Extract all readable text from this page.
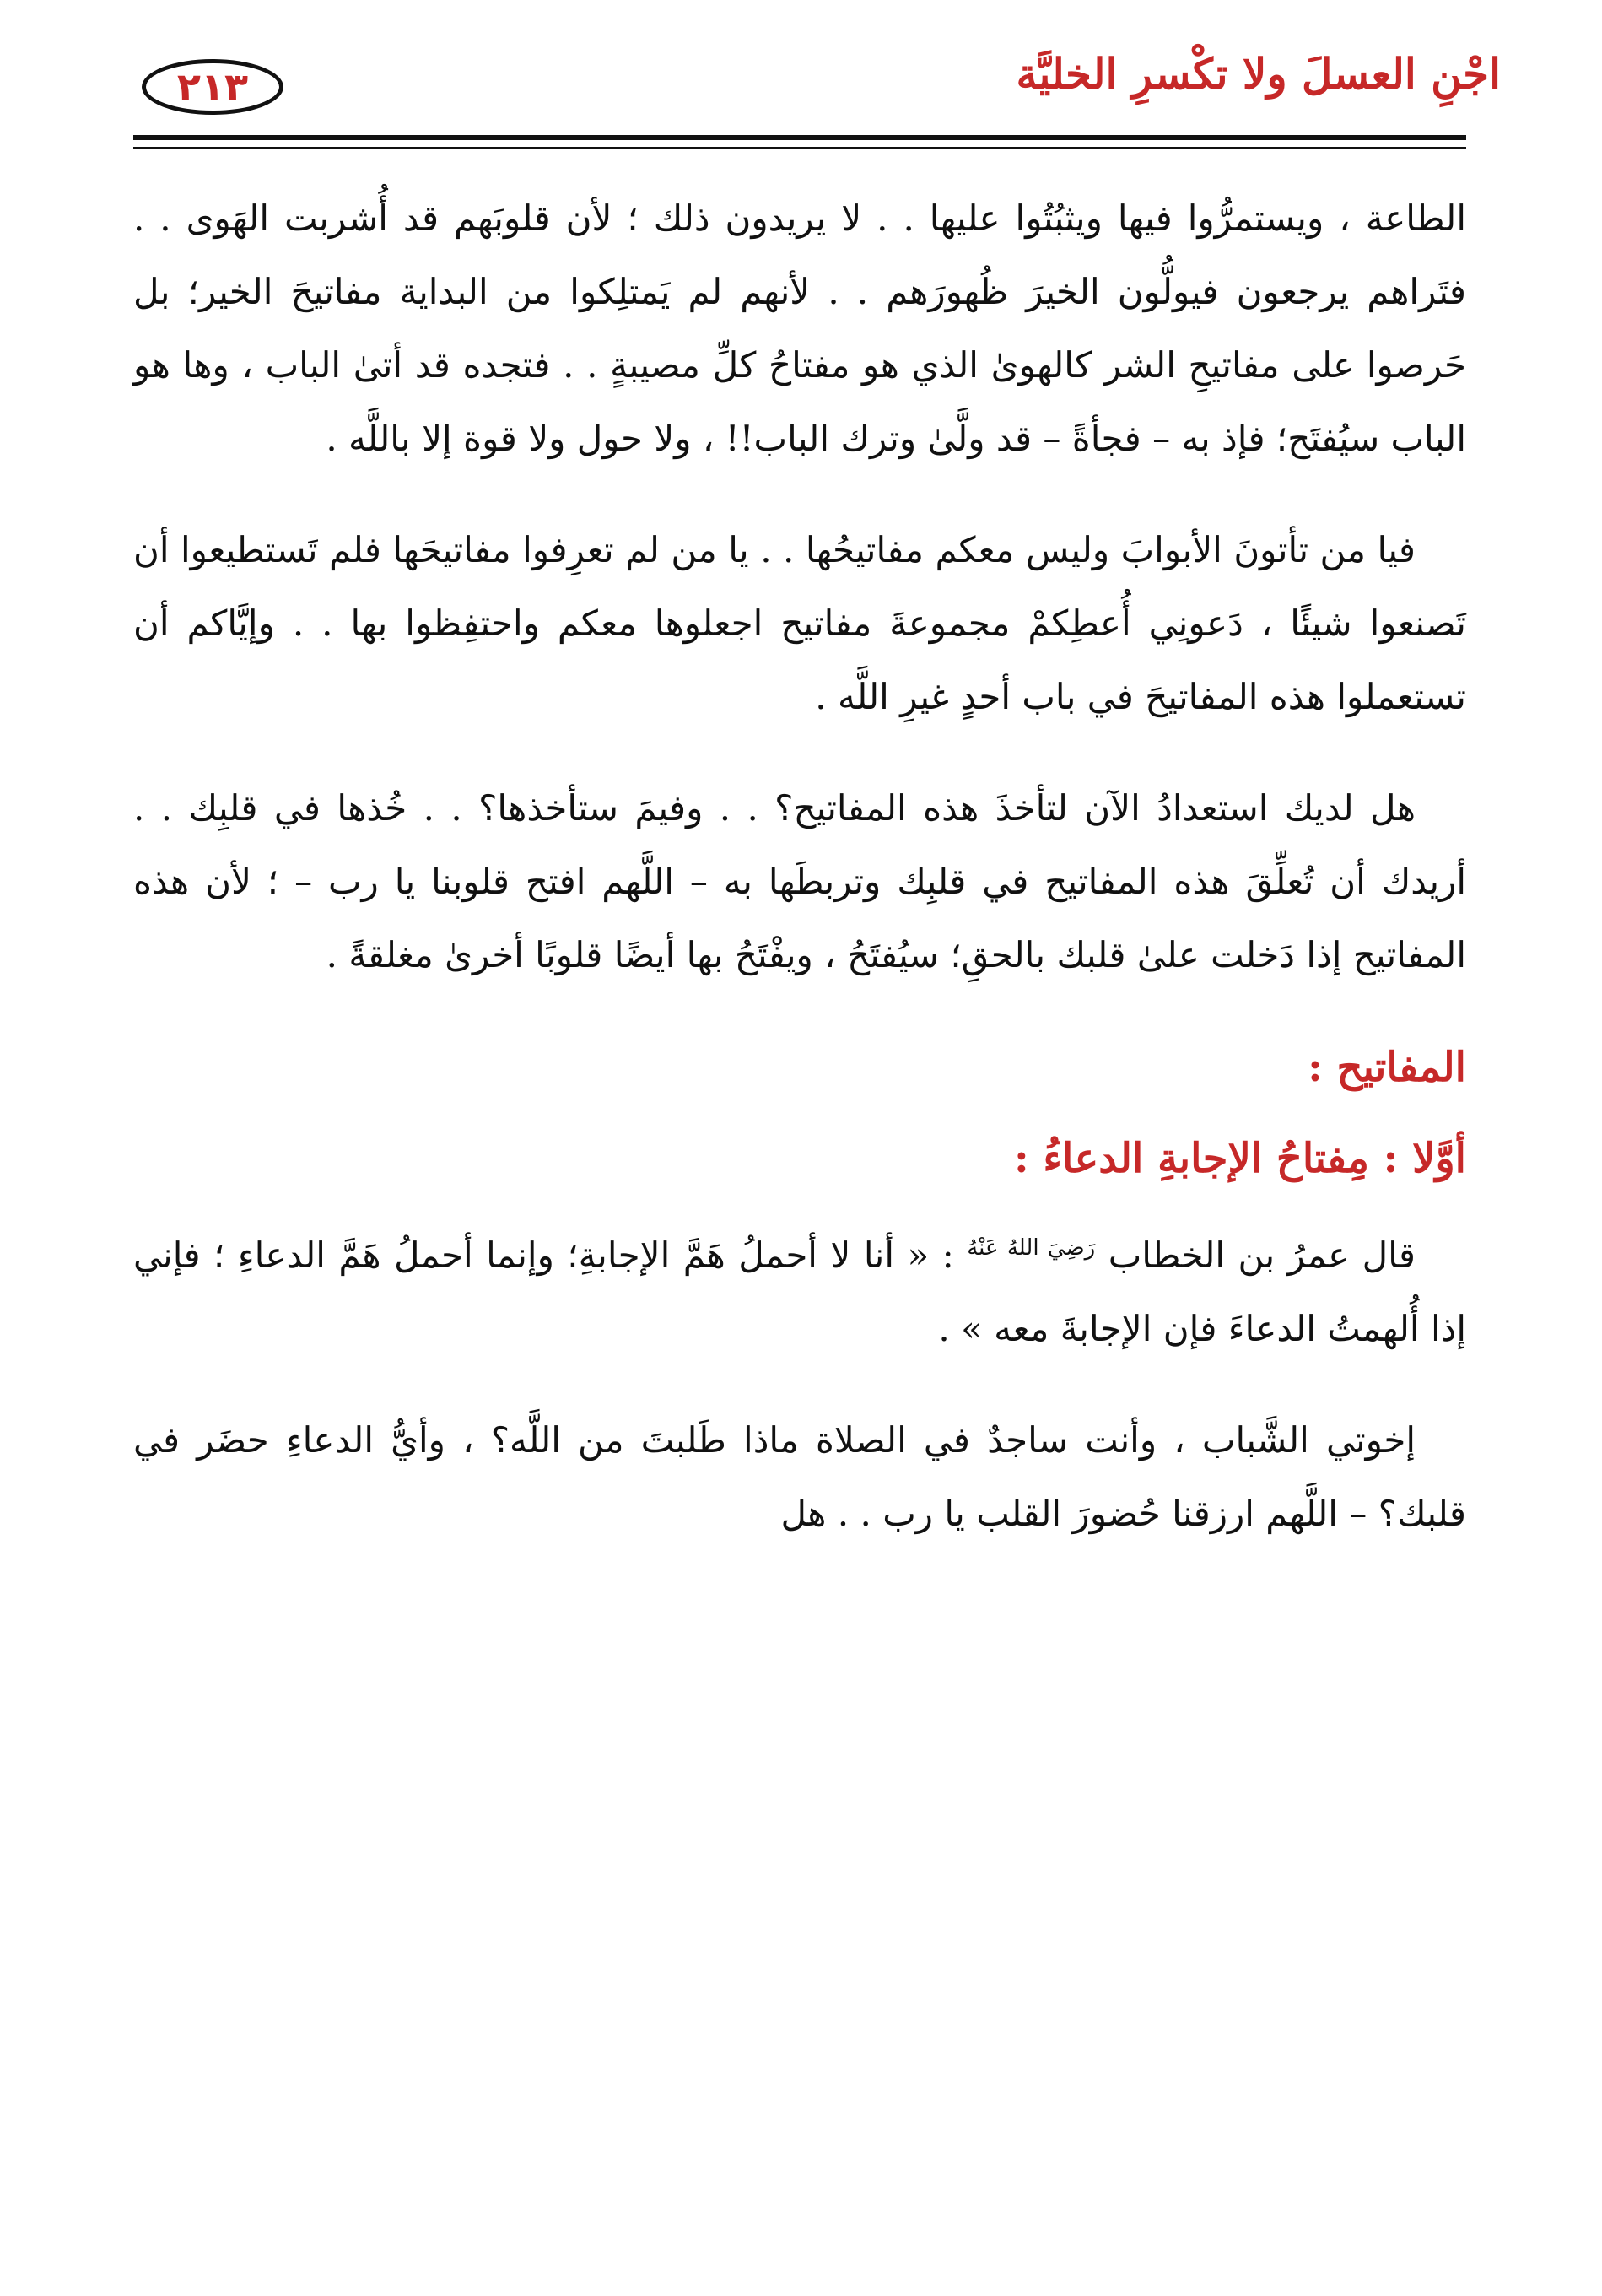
٢١٣	اجْنِ العسلَ ولا تكْسرِ الخليَّة

الطاعة ، ويستمرُّوا فيها ويثبُتُوا عليها . . لا يريدون ذلك ؛ لأن قلوبَهم قد أُشربت الهَوى . . فتَراهم يرجعون فيولُّون الخيرَ ظُهورَهم . . لأنهم لم يَمتلِكوا من البداية مفاتيحَ الخير؛ بل حَرصوا على مفاتيحِ الشر كالهوىٰ الذي هو مفتاحُ كلِّ مصيبةٍ . . فتجده قد أتىٰ الباب ، وها هو الباب سيُفتَح؛ فإذ به – فجأةً – قد ولَّىٰ وترك الباب!! ، ولا حول ولا قوة إلا باللَّه .

فيا من تأتونَ الأبوابَ وليس معكم مفاتيحُها . . يا من لم تعرِفوا مفاتيحَها فلم تَستطيعوا أن تَصنعوا شيئًا ، دَعونِي أُعطِكمْ مجموعةَ مفاتيح اجعلوها معكم واحتفِظوا بها . . وإيَّاكم أن تستعملوا هذه المفاتيحَ في باب أحدٍ غيرِ اللَّه .

هل لديك استعدادُ الآن لتأخذَ هذه المفاتيح؟ . . وفيمَ ستأخذها؟ . . خُذها في قلبِك . . أريدك أن تُعلِّقَ هذه المفاتيح في قلبِك وتربطَها به – اللَّهم افتح قلوبنا يا رب – ؛ لأن هذه المفاتيح إذا دَخلت علىٰ قلبك بالحقِ؛ سيُفتَحُ ، ويفْتَحُ بها أيضًا قلوبًا أخرىٰ مغلقةً .

المفاتيح :
أوَّلا : مِفتاحُ الإجابةِ الدعاءُ :

قال عمرُ بن الخطاب $^{رَضِيَ اللهُ عَنْهُ}$ : « أنا لا أحملُ هَمَّ الإجابةِ؛ وإنما أحملُ هَمَّ الدعاءِ ؛ فإني إذا أُلهمتُ الدعاءَ فإن الإجابةَ معه » .

إخوتي الشَّباب ، وأنت ساجدٌ في الصلاة ماذا طَلبتَ من اللَّه؟ ، وأيُّ الدعاءِ حضَر في قلبك؟ – اللَّهم ارزقنا حُضورَ القلب يا رب . . هل
